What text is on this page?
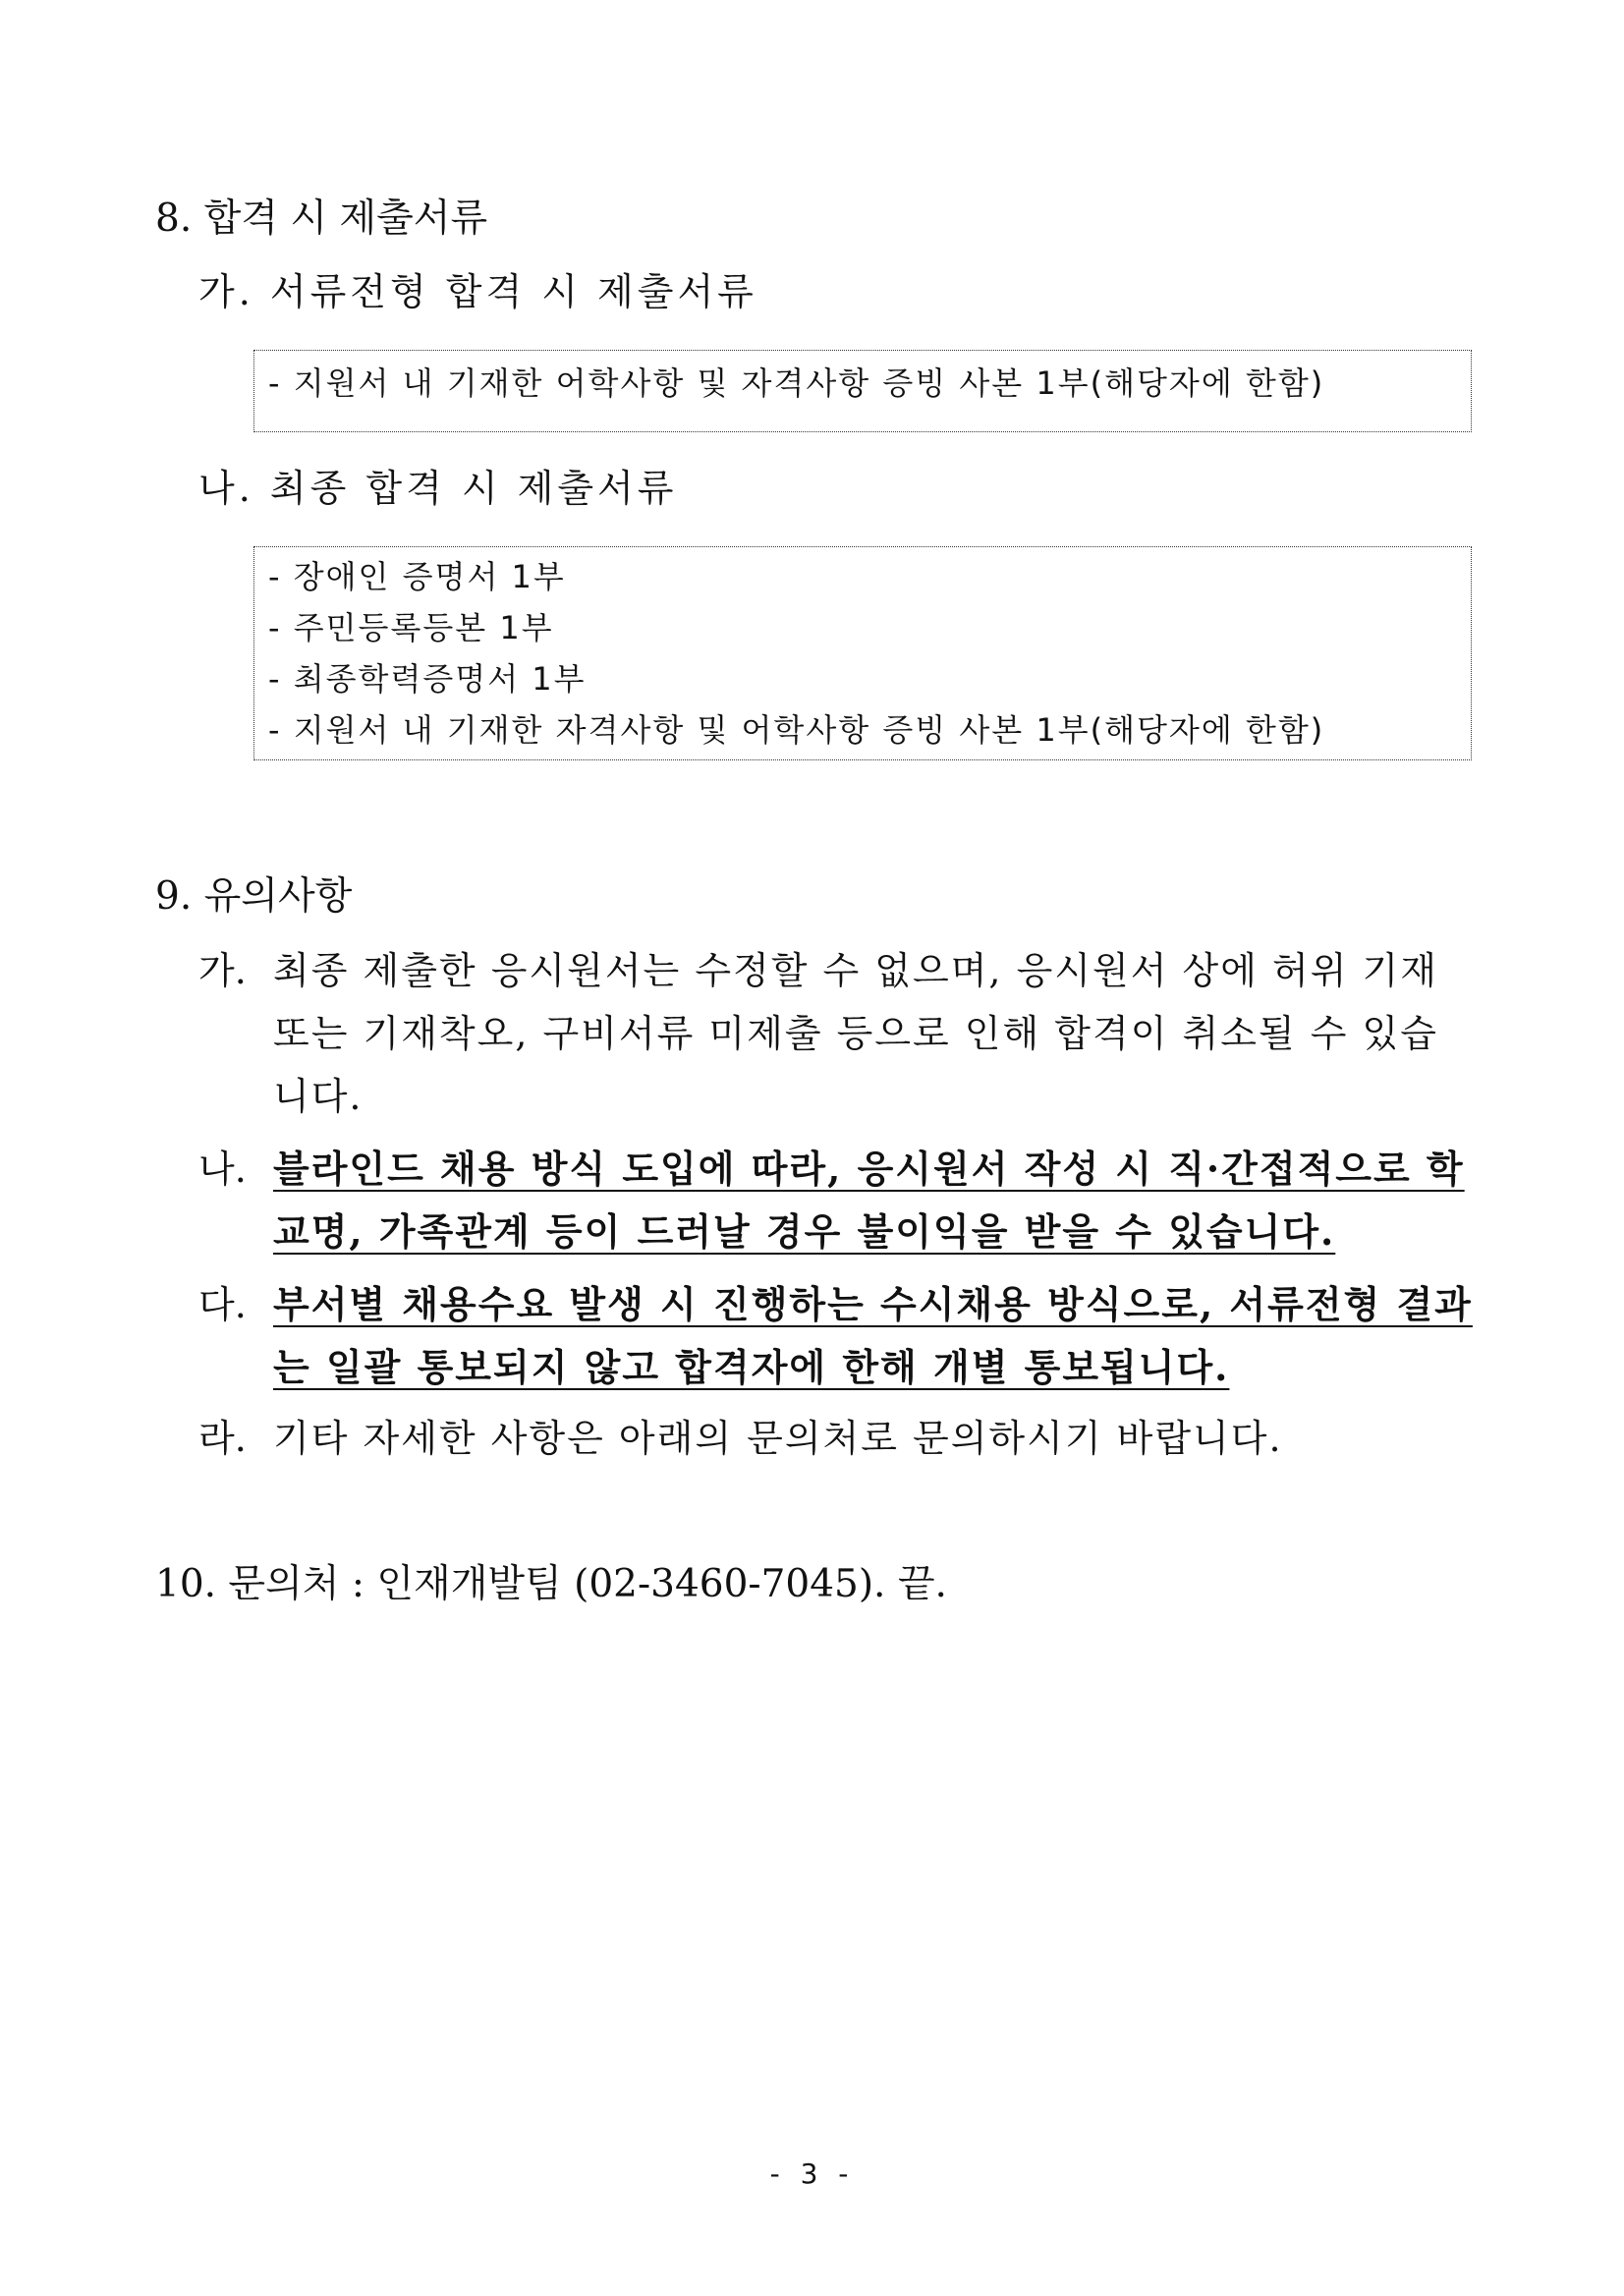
8. 합격 시 제출서류
가. 서류전형 합격 시 제출서류
- 지원서 내 기재한 어학사항 및 자격사항 증빙 사본 1부(해당자에 한함)
나. 최종 합격 시 제출서류
- 장애인 증명서 1부
- 주민등록등본 1부
- 최종학력증명서 1부
- 지원서 내 기재한 자격사항 및 어학사항 증빙 사본 1부(해당자에 한함)
9. 유의사항
가. 최종 제출한 응시원서는 수정할 수 없으며, 응시원서 상에 허위 기재 또는 기재착오, 구비서류 미제출 등으로 인해 합격이 취소될 수 있습니다.
나. 블라인드 채용 방식 도입에 따라, 응시원서 작성 시 직·간접적으로 학교명, 가족관계 등이 드러날 경우 불이익을 받을 수 있습니다.
다. 부서별 채용수요 발생 시 진행하는 수시채용 방식으로, 서류전형 결과는 일괄 통보되지 않고 합격자에 한해 개별 통보됩니다.
라. 기타 자세한 사항은 아래의 문의처로 문의하시기 바랍니다.
10. 문의처 : 인재개발팀 (02-3460-7045). 끝.
- 3 -
